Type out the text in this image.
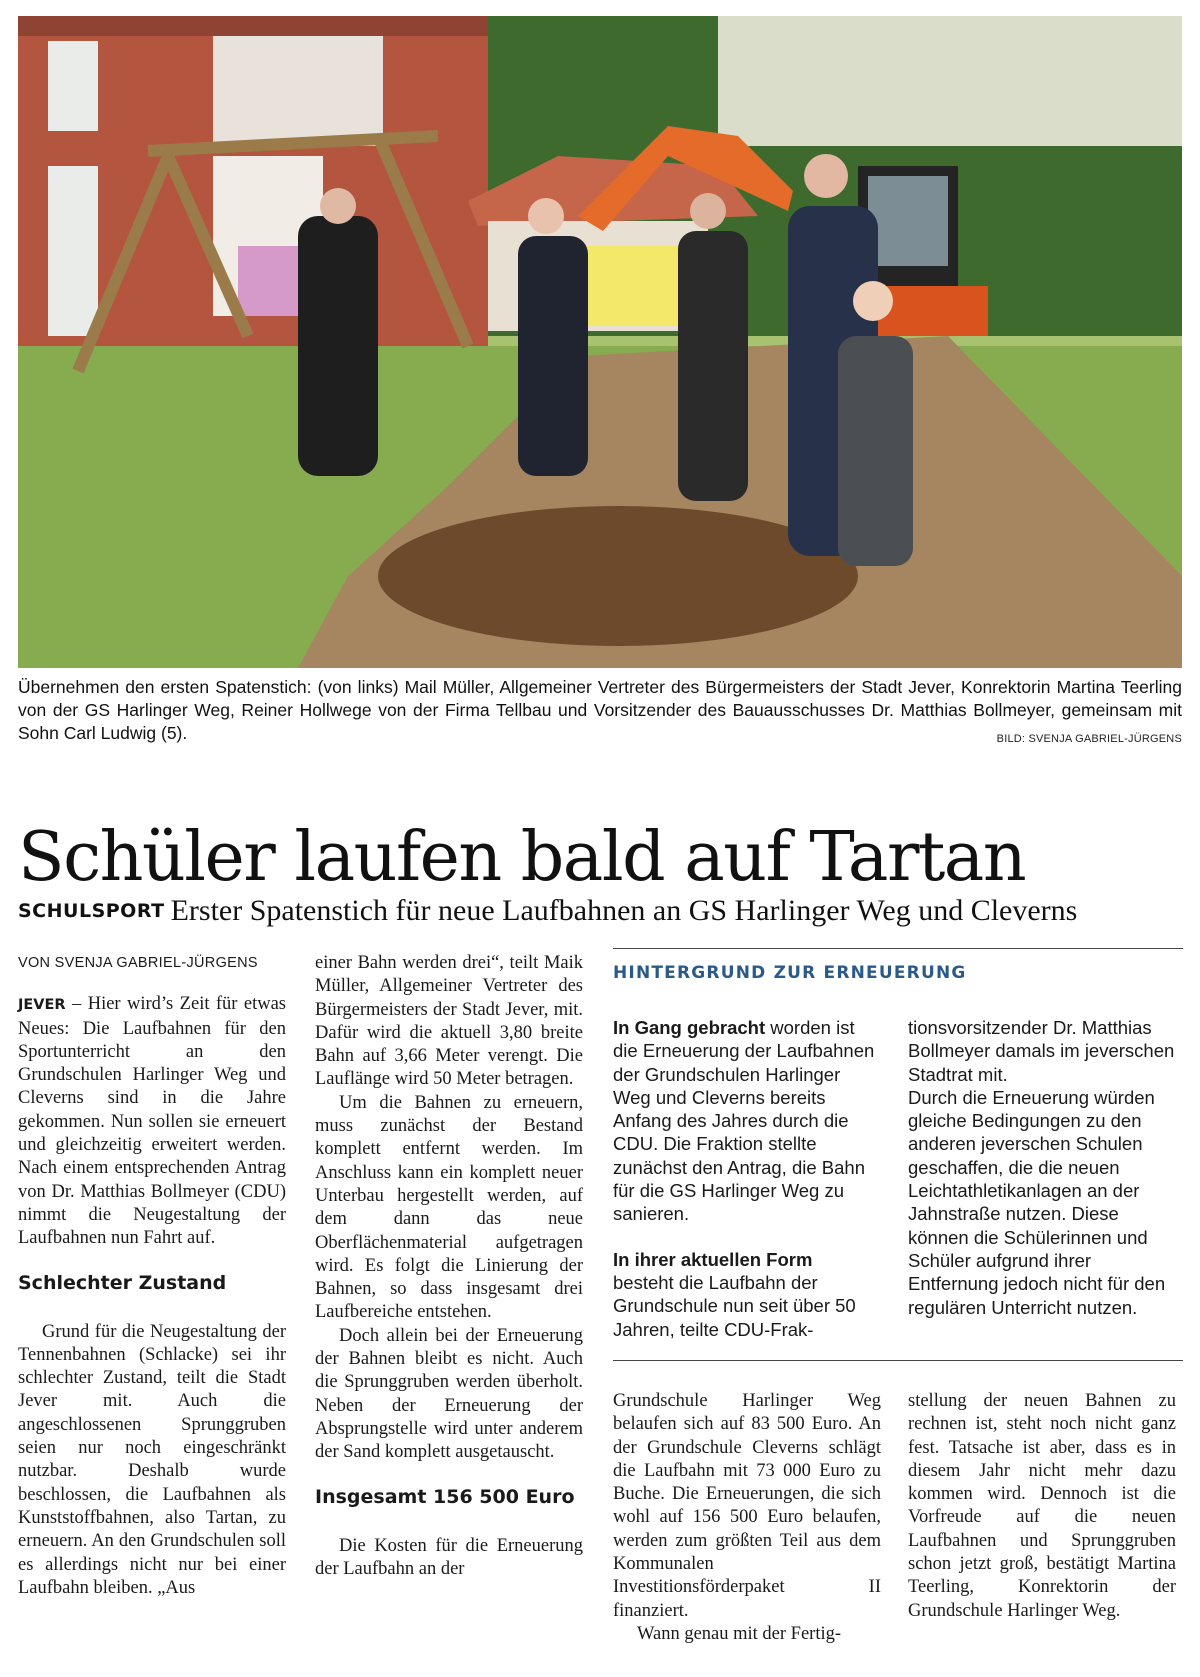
Übernehmen den ersten Spatenstich: (von links) Mail Müller, Allgemeiner Vertreter des Bürgermeisters der Stadt Jever, Konrektorin Martina Teerling von der GS Harlinger Weg, Reiner Hollwege von der Firma Tellbau und Vorsitzender des Bauausschusses Dr. Matthias Bollmeyer, gemeinsam mit Sohn Carl Ludwig (5).	BILD: SVENJA GABRIEL-JÜRGENS
Schüler laufen bald auf Tartan
SCHULSPORT Erster Spatenstich für neue Laufbahnen an GS Harlinger Weg und Cleverns
VON SVENJA GABRIEL-JÜRGENS

JEVER – Hier wird’s Zeit für etwas Neues: Die Laufbahnen für den Sportunterricht an den Grundschulen Harlinger Weg und Cleverns sind in die Jahre gekommen. Nun sollen sie erneuert und gleichzeitig erweitert werden. Nach einem entsprechenden Antrag von Dr. Matthias Bollmeyer (CDU) nimmt die Neugestaltung der Laufbahnen nun Fahrt auf.

Schlechter Zustand

Grund für die Neugestaltung der Tennenbahnen (Schlacke) sei ihr schlechter Zustand, teilt die Stadt Jever mit. Auch die angeschlossenen Sprunggruben seien nur noch eingeschränkt nutzbar. Deshalb wurde beschlossen, die Laufbahnen als Kunststoffbahnen, also Tartan, zu erneuern. An den Grundschulen soll es allerdings nicht nur bei einer Laufbahn bleiben. „Aus

einer Bahn werden drei“, teilt Maik Müller, Allgemeiner Vertreter des Bürgermeisters der Stadt Jever, mit. Dafür wird die aktuell 3,80 breite Bahn auf 3,66 Meter verengt. Die Lauflänge wird 50 Meter betragen.

Um die Bahnen zu erneuern, muss zunächst der Bestand komplett entfernt werden. Im Anschluss kann ein komplett neuer Unterbau hergestellt werden, auf dem dann das neue Oberflächenmaterial aufgetragen wird. Es folgt die Linierung der Bahnen, so dass insgesamt drei Laufbereiche entstehen.

Doch allein bei der Erneuerung der Bahnen bleibt es nicht. Auch die Sprunggruben werden überholt. Neben der Erneuerung der Absprungstelle wird unter anderem der Sand komplett ausgetauscht.

Insgesamt 156 500 Euro

Die Kosten für die Erneuerung der Laufbahn an der

HINTERGRUND ZUR ERNEUERUNG

In Gang gebracht worden ist die Erneuerung der Laufbahnen der Grundschulen Harlinger Weg und Cleverns bereits Anfang des Jahres durch die CDU. Die Fraktion stellte zunächst den Antrag, die Bahn für die GS Harlinger Weg zu sanieren.

In ihrer aktuellen Form besteht die Laufbahn der Grundschule nun seit über 50 Jahren, teilte CDU-Frak-

tionsvorsitzender Dr. Matthias Bollmeyer damals im jeverschen Stadtrat mit.

Durch die Erneuerung würden gleiche Bedingungen zu den anderen jeverschen Schulen geschaffen, die die neuen Leichtathletikanlagen an der Jahnstraße nutzen. Diese können die Schülerinnen und Schüler aufgrund ihrer Entfernung jedoch nicht für den regulären Unterricht nutzen.

Grundschule Harlinger Weg belaufen sich auf 83 500 Euro. An der Grundschule Cleverns schlägt die Laufbahn mit 73 000 Euro zu Buche. Die Erneuerungen, die sich wohl auf 156 500 Euro belaufen, werden zum größten Teil aus dem Kommunalen Investitionsförderpaket II finanziert.

Wann genau mit der Fertig-

stellung der neuen Bahnen zu rechnen ist, steht noch nicht ganz fest. Tatsache ist aber, dass es in diesem Jahr nicht mehr dazu kommen wird. Dennoch ist die Vorfreude auf die neuen Laufbahnen und Sprunggruben schon jetzt groß, bestätigt Martina Teerling, Konrektorin der Grundschule Harlinger Weg.
